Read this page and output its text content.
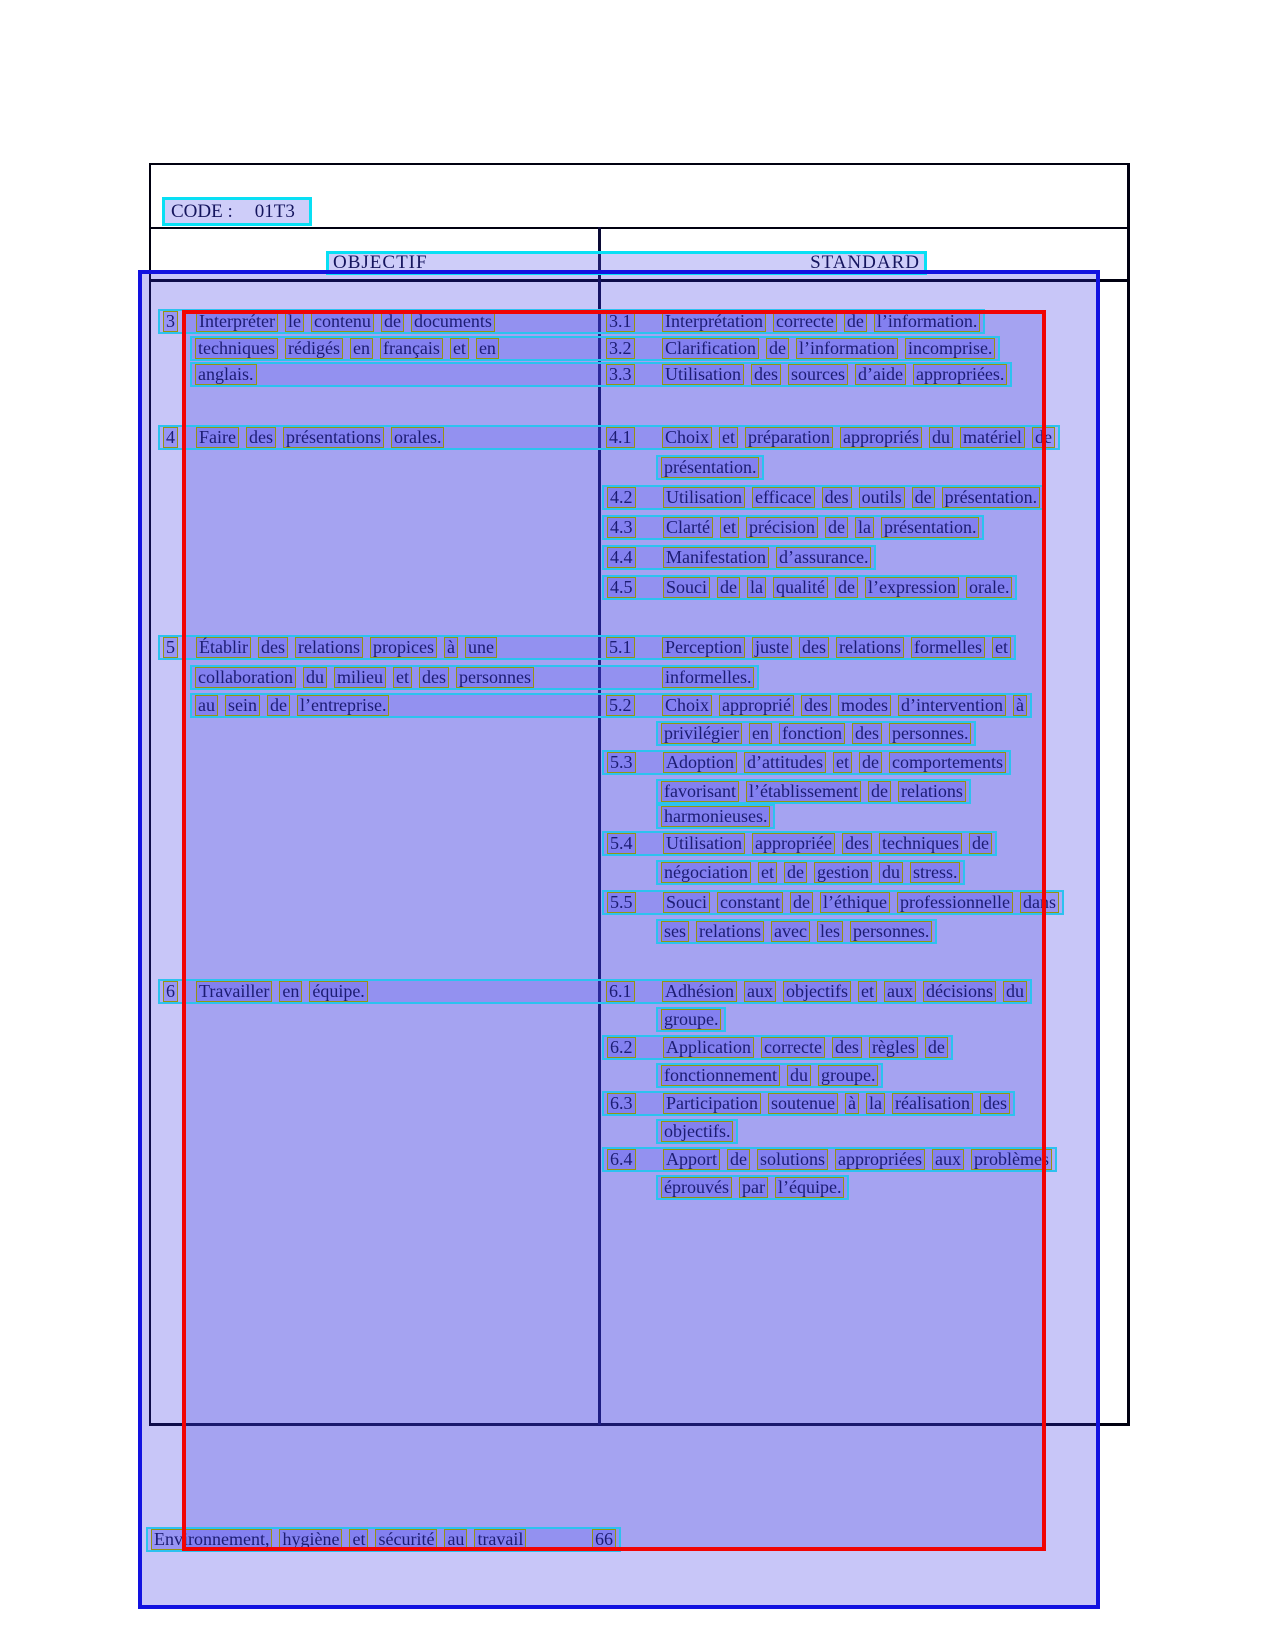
CODE : 01T3
OBJECTIF	STANDARD
3 Interpréter le contenu de documents	3.1 Interprétation correcte de l’information.
techniques rédigés en français et en	3.2 Clarification de l’information incomprise.
anglais.	3.3 Utilisation des sources d’aide appropriées.
4 Faire des présentations orales.	4.1 Choix et préparation appropriés du matériel de
présentation.
4.2 Utilisation efficace des outils de présentation.
4.3 Clarté et précision de la présentation.
4.4 Manifestation d’assurance.
4.5 Souci de la qualité de l’expression orale.
5 Établir des relations propices à une	5.1 Perception juste des relations formelles et
collaboration du milieu et des personnes	informelles.
au sein de l’entreprise.	5.2 Choix approprié des modes d’intervention à
privilégier en fonction des personnes.
5.3 Adoption d’attitudes et de comportements
favorisant l’établissement de relations
harmonieuses.
5.4 Utilisation appropriée des techniques de
négociation et de gestion du stress.
5.5 Souci constant de l’éthique professionnelle dans
ses relations avec les personnes.
6 Travailler en équipe.	6.1 Adhésion aux objectifs et aux décisions du
groupe.
6.2 Application correcte des règles de
fonctionnement du groupe.
6.3 Participation soutenue à la réalisation des
objectifs.
6.4 Apport de solutions appropriées aux problèmes
éprouvés par l’équipe.
Environnement, hygiène et sécurité au travail	66
